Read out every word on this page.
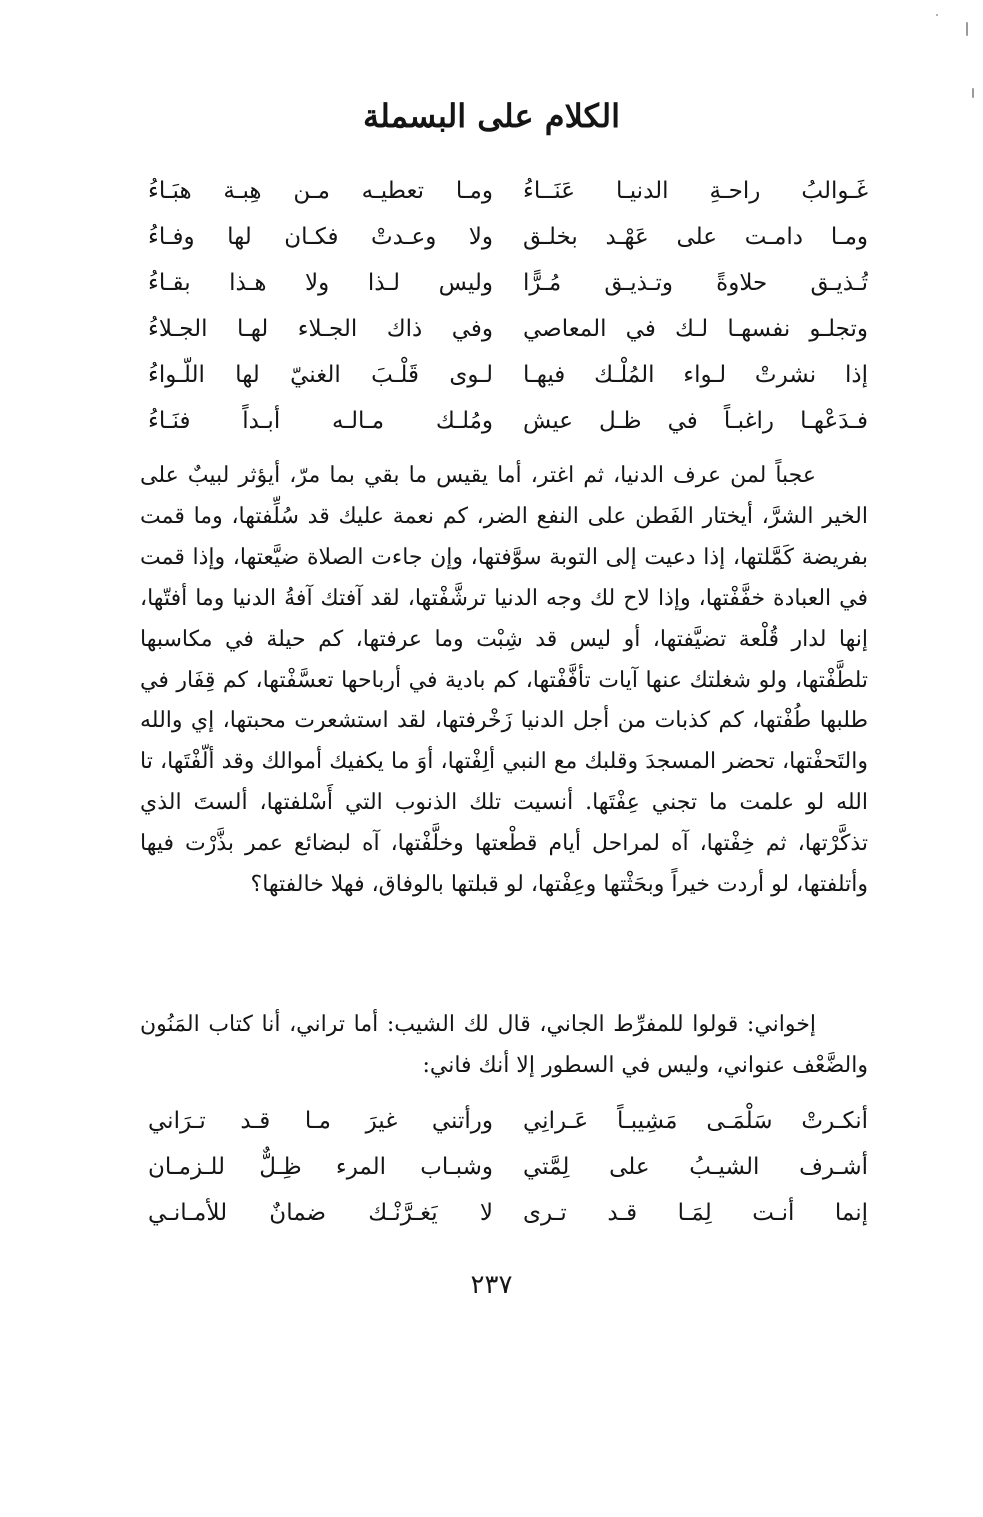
الكلام على البسملة
غَـوالبُ راحـةِ الدنيـا عَنَــاءُ
ومـا تعطيـه مـن هِبـة هبَـاءُ
ومـا دامـت على عَهْـد بخلـق
ولا وعـدتْ فكـان لها وفـاءُ
تُـذيـق حلاوةً وتـذيـق مُـرًّا
وليس لـذا ولا هـذا بقـاءُ
وتجلـو نفسهـا لـك في المعاصي
وفي ذاك الجـلاء لهـا الجـلاءُ
إذا نشرتْ لـواء المُلْـك فيهـا
لـوى قَلْـبَ الغنيّ لها اللّـواءُ
فـدَعْهـا راغبـاً في ظـل عيش
ومُلـك مـالـه أبـداً فنَـاءُ

عجباً لمن عرف الدنيا، ثم اغتر، أما يقيس ما بقي بما مرّ، أيؤثر لبيبٌ على الخير الشرَّ، أيختار الفَطن على النفع الضر، كم نعمة عليك قد سُلِّفتها، وما قمت بفريضة كَمَّلتها، إذا دعيت إلى التوبة سوَّفتها، وإن جاءت الصلاة ضيَّعتها، وإذا قمت في العبادة خفَّفْتها، وإذا لاح لك وجه الدنيا ترشَّفْتها، لقد آفتك آفةُ الدنيا وما أفتّها، إنها لدار قُلْعة تضيَّفتها، أو ليس قد شِبْت وما عرفتها، كم حيلة في مكاسبها تلطَّفْتها، ولو شغلتك عنها آيات تأفَّفْتها، كم بادية في أرباحها تعسَّفْتها، كم قِفَار في طلبها طُفْتها، كم كذبات من أجل الدنيا زَخْرفتها، لقد استشعرت محبتها، إي والله والتَحفْتها، تحضر المسجدَ وقلبك مع النبي ألِفْتها، أوَ ما يكفيك أموالك وقد ألّفْتَها، تا الله لو علمت ما تجني عِفْتَها. أنسيت تلك الذنوب التي أَسْلفتها، ألستَ الذي تذكَّرْتها، ثم خِفْتها، آه لمراحل أيام قطْعتها وخلَّفْتها، آه لبضائع عمر بذَّرْت فيها وأتلفتها، لو أردت خيراً وبحَثْتها وعِفْتها، لو قبلتها بالوفاق، فهلا خالفتها؟

إخواني: قولوا للمفرِّط الجاني، قال لك الشيب: أما تراني، أنا كتاب المَنُون والضَّعْف عنواني، وليس في السطور إلا أنك فاني:

أنكـرتْ سَلْمَـى مَشِيبـاً عَـرانِي
ورأتني غيرَ مـا قـد تـرَاني
أشـرف الشيـبُ على لِمَّتي
وشبـاب المرء ظِـلٌّ للـزمـان
إنما أنـت لِمَـا قـد تـرى
لا يَغـرَّنْـك ضمانٌ للأمـانـي
٢٣٧
